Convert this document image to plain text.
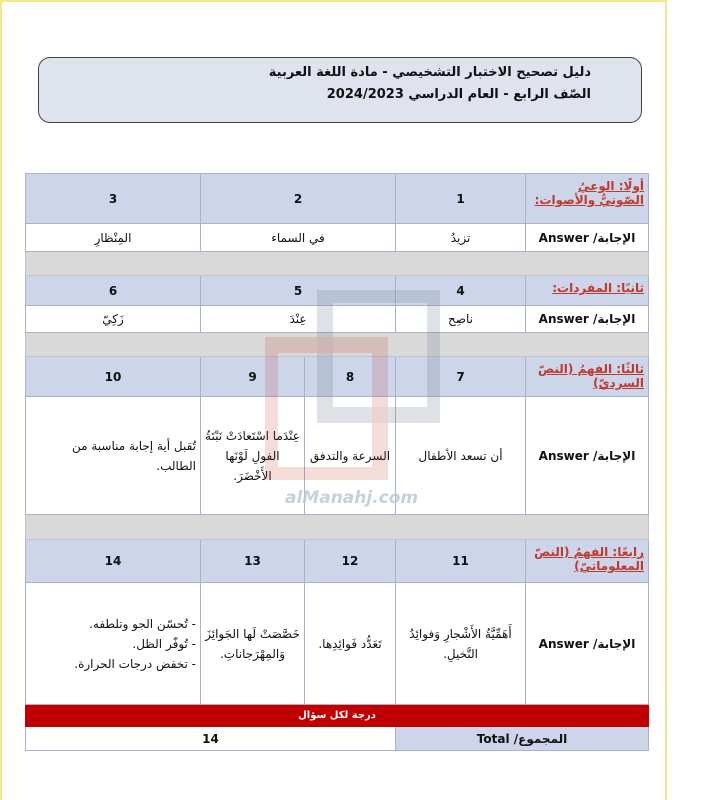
دليل تصحيح الاختبار التشخيصي - مادة اللغة العربية
الصّف الرابع - العام الدراسي 2024/2023
أولًا: الوعيُ الصّوتيُّ والأصوات:	1	2		3
الإجابة/ Answer	تزيدُ	في السماء		المِنْظارِ

ثانيًا: المفردات:	4	5		6
الإجابة/ Answer	ناصِح	عِنْدَ		زَكِيّ

ثالثًا: الفهمُ (النصّ السرديّ)	7	8	9	10
الإجابة/ Answer	أن تسعد الأطفال	السرعة والتدفق	عِنْدَما اسْتَعادَتْ نَبْتَةُ الفولِ لَوْنَها الأَخْضَرَ.	تُقبل أية إجابة مناسبة من الطالب.

رابعًا: الفهمُ (النصّ المعلوماتيّ)	11	12	13	14
الإجابة/ Answer	أَهَمِّيَّةُ الأَشْجارِ وَفوائِدُ النَّخيلِ.	تَعَدُّد فَوائِدِها.	خَصَّصَتْ لَها الجَوائِزَ وَالمِهْرَجاناتِ.	- تُحسّن الجو وتلطفه.
- تُوفّر الظل.
- تخفض درجات الحرارة.

درجة لكل سؤال				
المجموع/ Total		14		
alManahj.com
